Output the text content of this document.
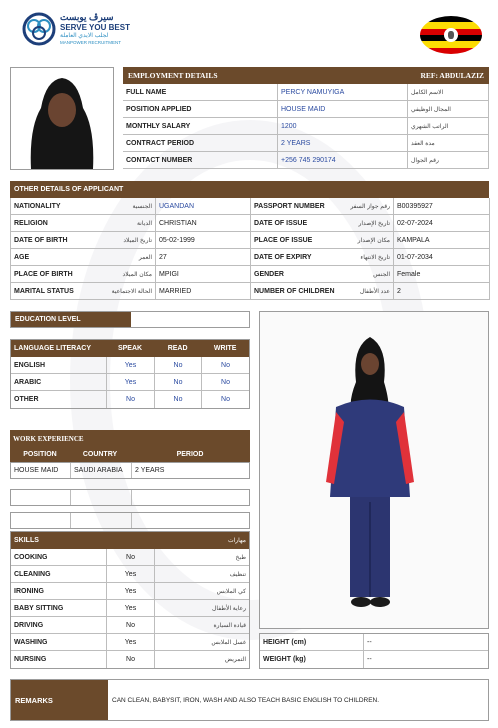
سيرڤ يوبست
SERVE YOU BEST
لجلب الايدي العاملة
MANPOWER RECRUITMENT
EMPLOYMENT DETAILS	REF: ABDULAZIZ
FULL NAME	PERCY NAMUYIGA	الاسم الكامل
POSITION APPLIED	HOUSE MAID	المجال الوظيفي
MONTHLY SALARY	1200	الراتب الشهري
CONTRACT PERIOD	2 YEARS	مدة العقد
CONTACT NUMBER	+256 745 290174	رقم الجوال
OTHER DETAILS OF APPLICANT
NATIONALITY	الجنسية	UGANDAN	PASSPORT NUMBER	رقم جواز السفر	B00395927
RELIGION	الديانة	CHRISTIAN	DATE OF ISSUE	تاريخ الإصدار	02-07-2024
DATE OF BIRTH	تاريخ الميلاد	05-02-1999	PLACE OF ISSUE	مكان الإصدار	KAMPALA
AGE	العمر	27	DATE OF EXPIRY	تاريخ الانتهاء	01-07-2034
PLACE OF BIRTH	مكان الميلاد	MPIGI	GENDER	الجنس	Female
MARITAL STATUS	الحالة الاجتماعية	MARRIED	NUMBER OF CHILDREN	عدد الأطفال	2
EDUCATION LEVEL
LANGUAGE LITERACY	SPEAK	READ	WRITE
ENGLISH	Yes	No	No
ARABIC	Yes	No	No
OTHER	No	No	No
WORK EXPERIENCE
POSITION	COUNTRY	PERIOD
HOUSE MAID	SAUDI ARABIA	2 YEARS
SKILLS	مهارات
COOKING	No	طبخ
CLEANING	Yes	تنظيف
IRONING	Yes	كي الملابس
BABY SITTING	Yes	رعاية الأطفال
DRIVING	No	قيادة السيارة
WASHING	Yes	غسل الملابس
NURSING	No	التمريض
HEIGHT (cm)	--
WEIGHT (kg)	--
REMARKS	CAN CLEAN, BABYSIT, IRON, WASH AND ALSO TEACH BASIC ENGLISH TO CHILDREN.
